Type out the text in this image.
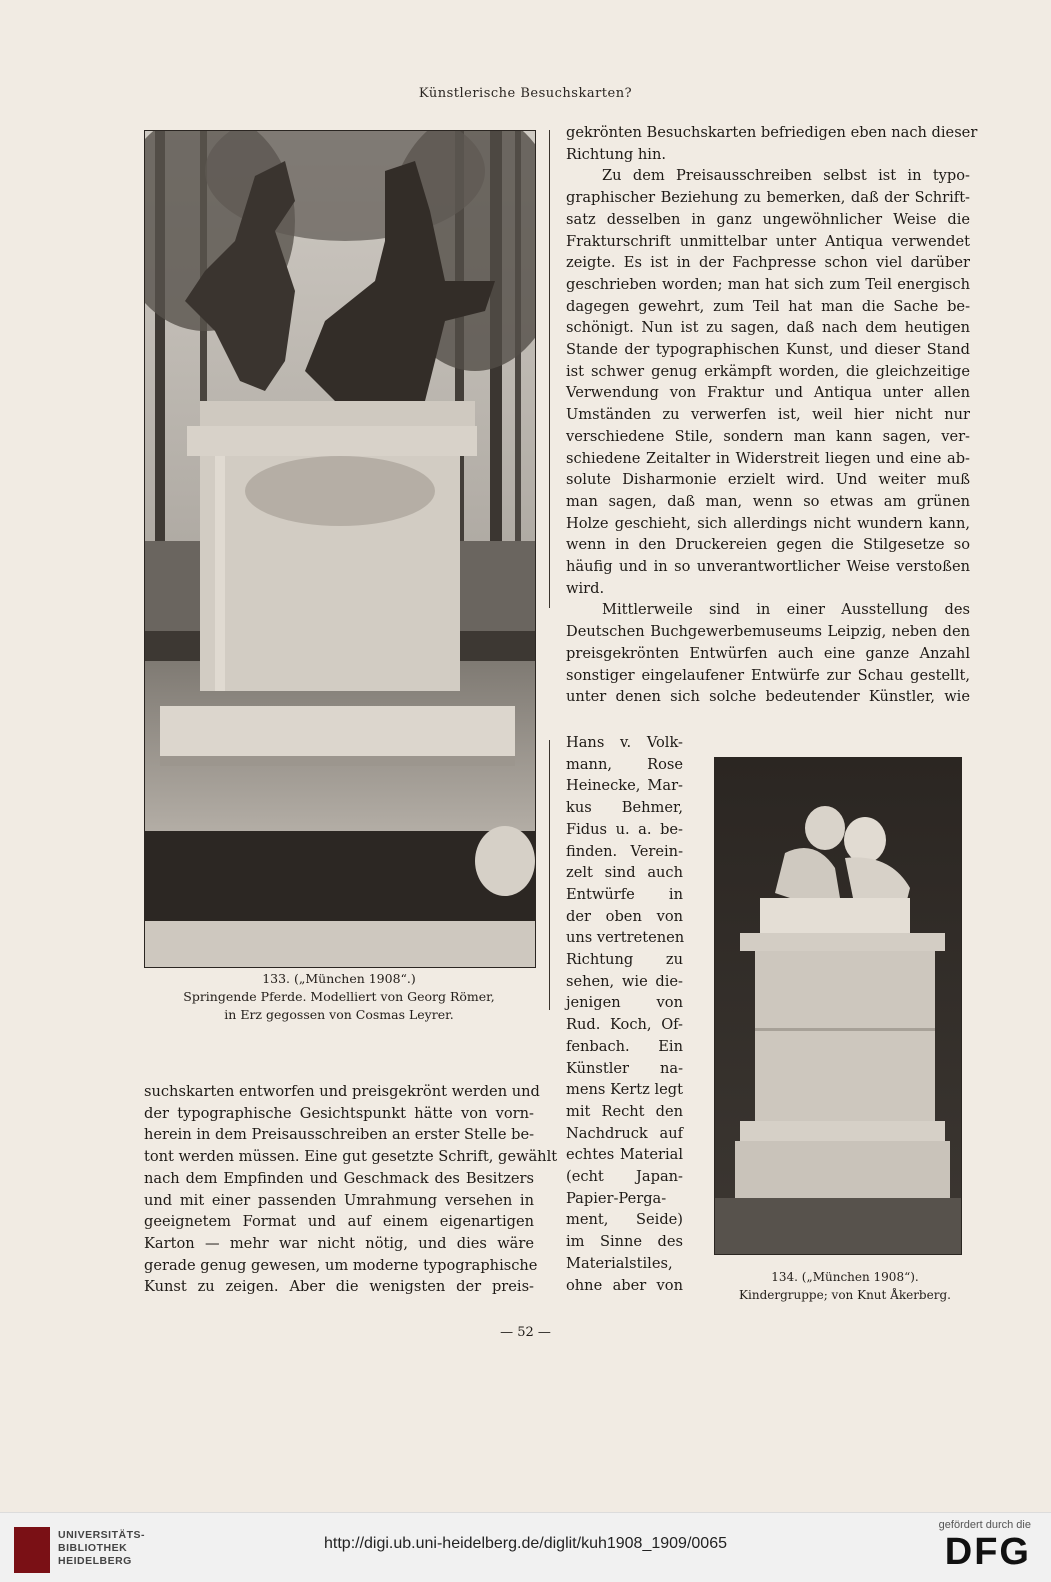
Künstlerische Besuchskarten?
133. („München 1908“.)
Springende Pferde. Modelliert von Georg Römer,
in Erz gegossen von Cosmas Leyrer.
gekrönten Besuchskarten befriedigen eben nach dieser
Richtung hin.
Zu dem Preisausschreiben selbst ist in typo-
graphischer Beziehung zu bemerken, daß der Schrift-
satz desselben in ganz ungewöhnlicher Weise die
Frakturschrift unmittelbar unter Antiqua verwendet
zeigte. Es ist in der Fachpresse schon viel darüber
geschrieben worden; man hat sich zum Teil energisch
dagegen gewehrt, zum Teil hat man die Sache be-
schönigt. Nun ist zu sagen, daß nach dem heutigen
Stande der typographischen Kunst, und dieser Stand
ist schwer genug erkämpft worden, die gleichzeitige
Verwendung von Fraktur und Antiqua unter allen
Umständen zu verwerfen ist, weil hier nicht nur
verschiedene Stile, sondern man kann sagen, ver-
schiedene Zeitalter in Widerstreit liegen und eine ab-
solute Disharmonie erzielt wird. Und weiter muß
man sagen, daß man, wenn so etwas am grünen
Holze geschieht, sich allerdings nicht wundern kann,
wenn in den Druckereien gegen die Stilgesetze so
häufig und in so unverantwortlicher Weise verstoßen
wird.
Mittlerweile sind in einer Ausstellung des
Deutschen Buchgewerbemuseums Leipzig, neben den
preisgekrönten Entwürfen auch eine ganze Anzahl
sonstiger eingelaufener Entwürfe zur Schau gestellt,
unter denen sich solche bedeutender Künstler, wie
Hans v. Volk-
mann, Rose
Heinecke, Mar-
kus Behmer,
Fidus u. a. be-
finden. Verein-
zelt sind auch
Entwürfe in
der oben von
uns vertretenen
Richtung zu
sehen, wie die-
jenigen von
Rud. Koch, Of-
fenbach. Ein
Künstler na-
mens Kertz legt
mit Recht den
Nachdruck auf
echtes Material
(echt Japan-
Papier-Perga-
ment, Seide)
im Sinne des
Materialstiles,
ohne aber von	134. („München 1908“).
Kindergruppe; von Knut Åkerberg.
suchskarten entworfen und preisgekrönt werden und
der typographische Gesichtspunkt hätte von vorn-
herein in dem Preisausschreiben an erster Stelle be-
tont werden müssen. Eine gut gesetzte Schrift, gewählt
nach dem Empfinden und Geschmack des Besitzers
und mit einer passenden Umrahmung versehen in
geeignetem Format und auf einem eigenartigen
Karton — mehr war nicht nötig, und dies wäre
gerade genug gewesen, um moderne typographische
Kunst zu zeigen. Aber die wenigsten der preis-
— 52 —
UNIVERSITÄTS-
BIBLIOTHEK
HEIDELBERG
http://digi.ub.uni-heidelberg.de/diglit/kuh1908_1909/0065
gefördert durch die
DFG
